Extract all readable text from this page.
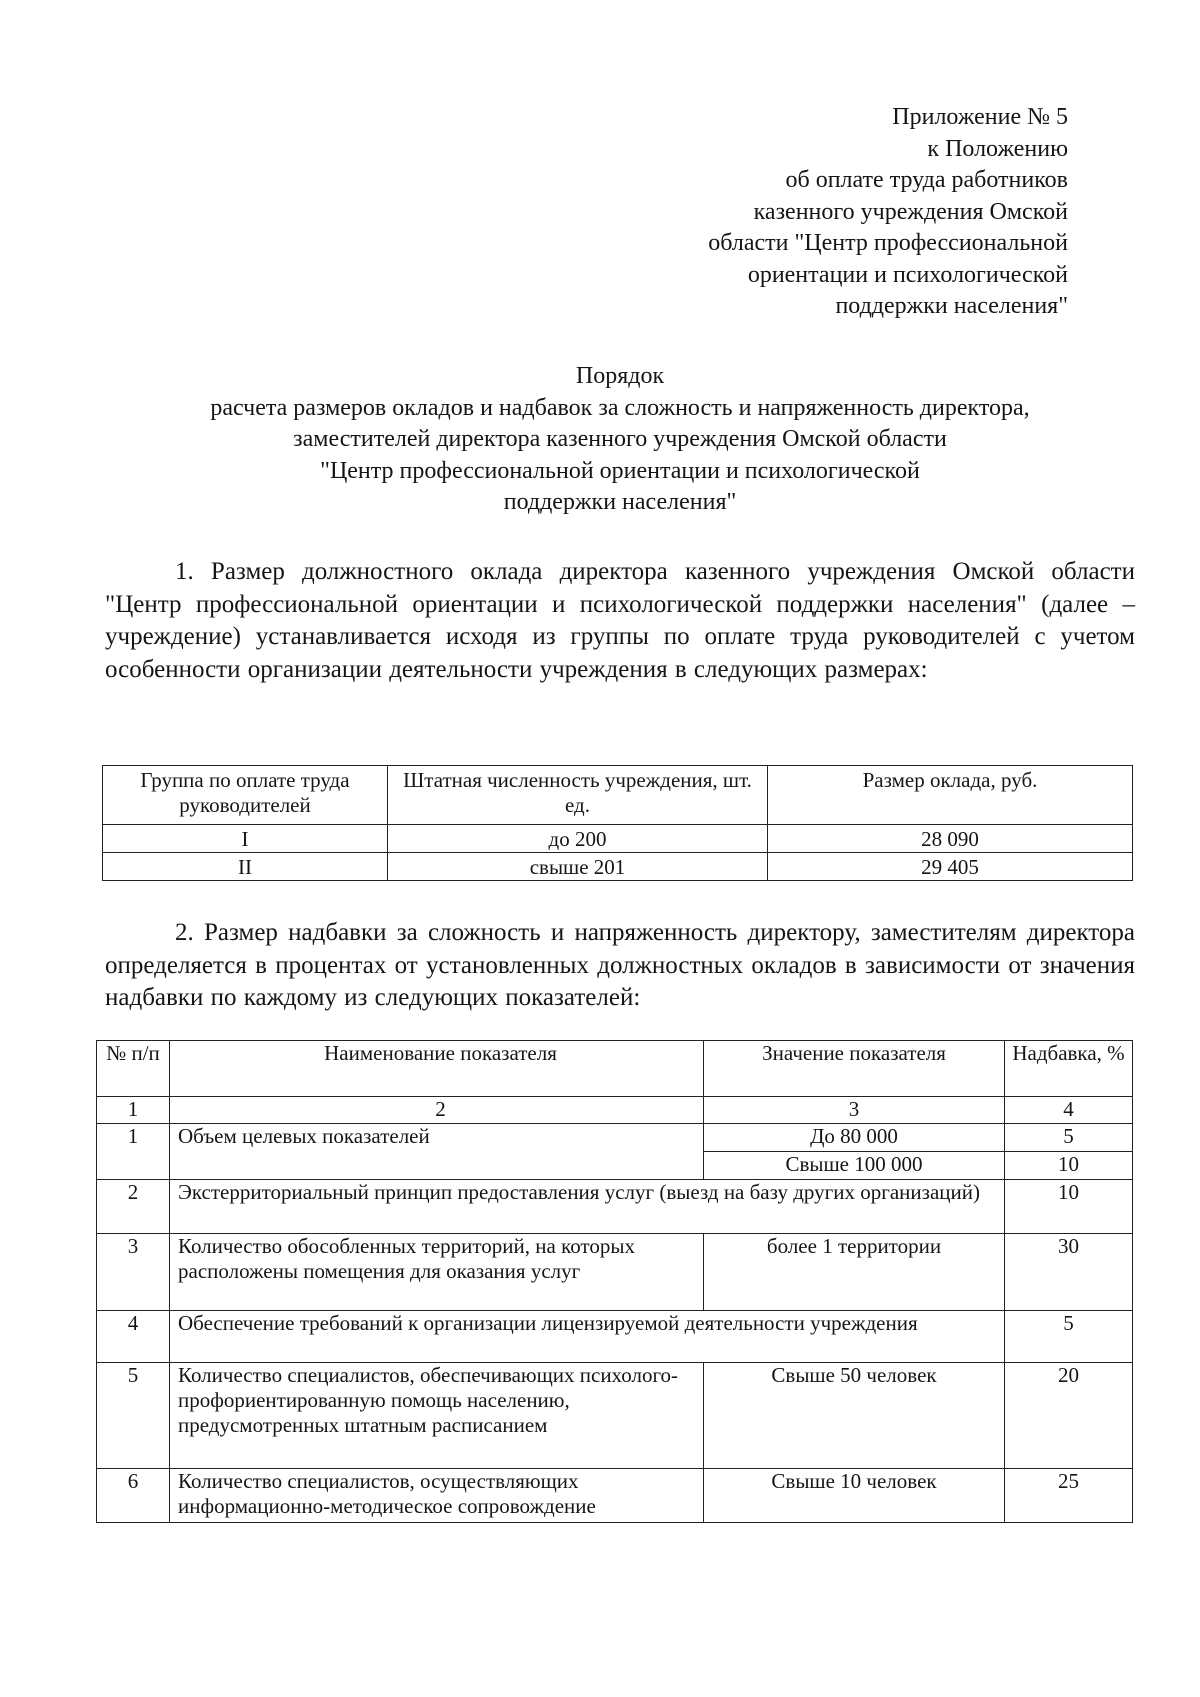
Приложение № 5
к Положению
об оплате труда работников
казенного учреждения Омской
области "Центр профессиональной
ориентации и психологической
поддержки населения"
Порядок
расчета размеров окладов и надбавок за сложность и напряженность директора,
заместителей директора казенного учреждения Омской области
"Центр профессиональной ориентации и психологической
поддержки населения"
1. Размер должностного оклада директора казенного учреждения Омской области "Центр профессиональной ориентации и психологической поддержки населения" (далее – учреждение) устанавливается исходя из группы по оплате труда руководителей с учетом особенности организации деятельности учреждения в следующих размерах:
Группа по оплате труда руководителей	Штатная численность учреждения, шт. ед.	Размер оклада, руб.
I	до 200	28 090
II	свыше 201	29 405
2. Размер надбавки за сложность и напряженность директору, заместителям директора определяется в процентах от установленных должностных окладов в зависимости от значения надбавки по каждому из следующих показателей:
№ п/п	Наименование показателя	Значение показателя	Надбавка, %
1	2	3	4
1	Объем целевых показателей	До 80 000	5
		Свыше 100 000	10
2	Экстерриториальный принцип предоставления услуг (выезд на базу других организаций)		10
3	Количество обособленных территорий, на которых расположены помещения для оказания услуг	более 1 территории	30
4	Обеспечение требований к организации лицензируемой деятельности учреждения		5
5	Количество специалистов, обеспечивающих психолого-профориентированную помощь населению, предусмотренных штатным расписанием	Свыше 50 человек	20
6	Количество специалистов, осуществляющих информационно-методическое сопровождение	Свыше 10 человек	25
